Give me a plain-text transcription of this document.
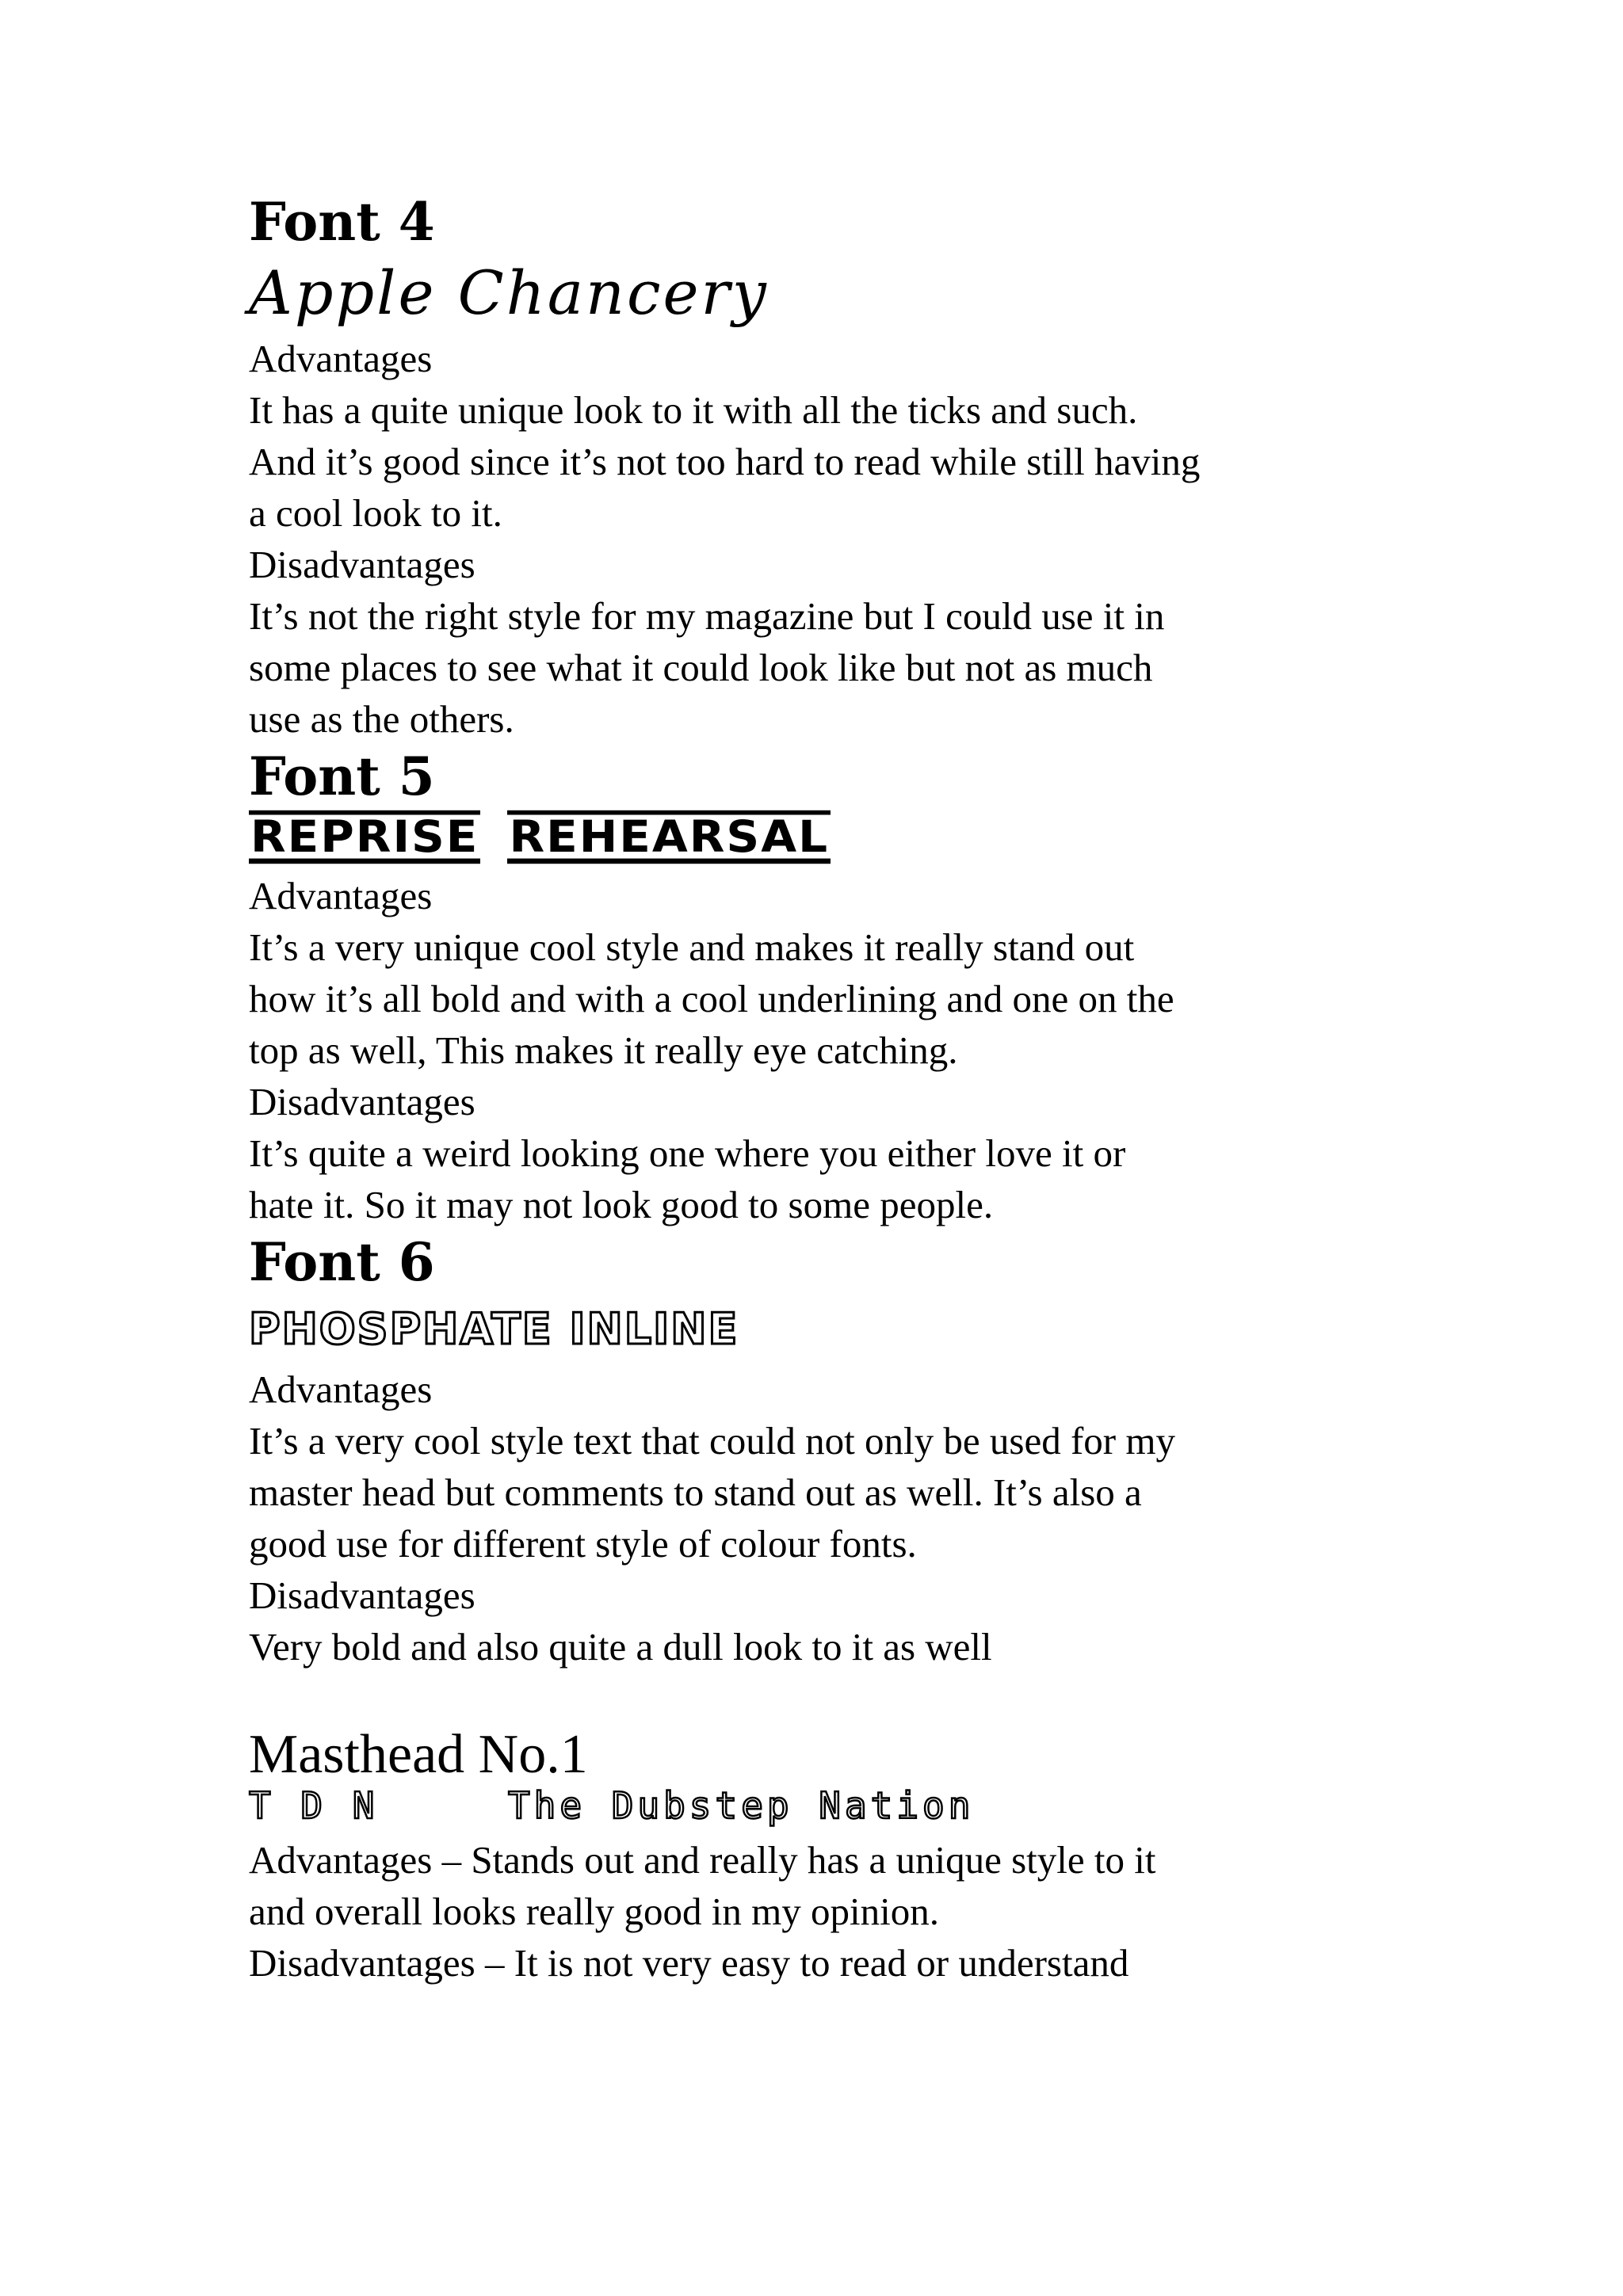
Font 4
Apple Chancery
Advantages
It has a quite unique look to it with all the ticks and such.
And it’s good since it’s not too hard to read while still having
a cool look to it.
Disadvantages
It’s not the right style for my magazine but I could use it in
some places to see what it could look like but not as much
use as the others.
Font 5
REPRISE REHEARSAL
Advantages
It’s a very unique cool style and makes it really stand out
how it’s all bold and with a cool underlining and one on the
top as well, This makes it really eye catching.
Disadvantages
It’s quite a weird looking one where you either love it or
hate it. So it may not look good to some people.
Font 6
PHOSPHATE INLINE
Advantages
It’s a very cool style text that could not only be used for my
master head but comments to stand out as well. It’s also a
good use for different style of colour fonts.
Disadvantages
Very bold and also quite a dull look to it as well
Masthead No.1
T D N     The Dubstep Nation
Advantages – Stands out and really has a unique style to it
and overall looks really good in my opinion.
Disadvantages – It is not very easy to read or understand
